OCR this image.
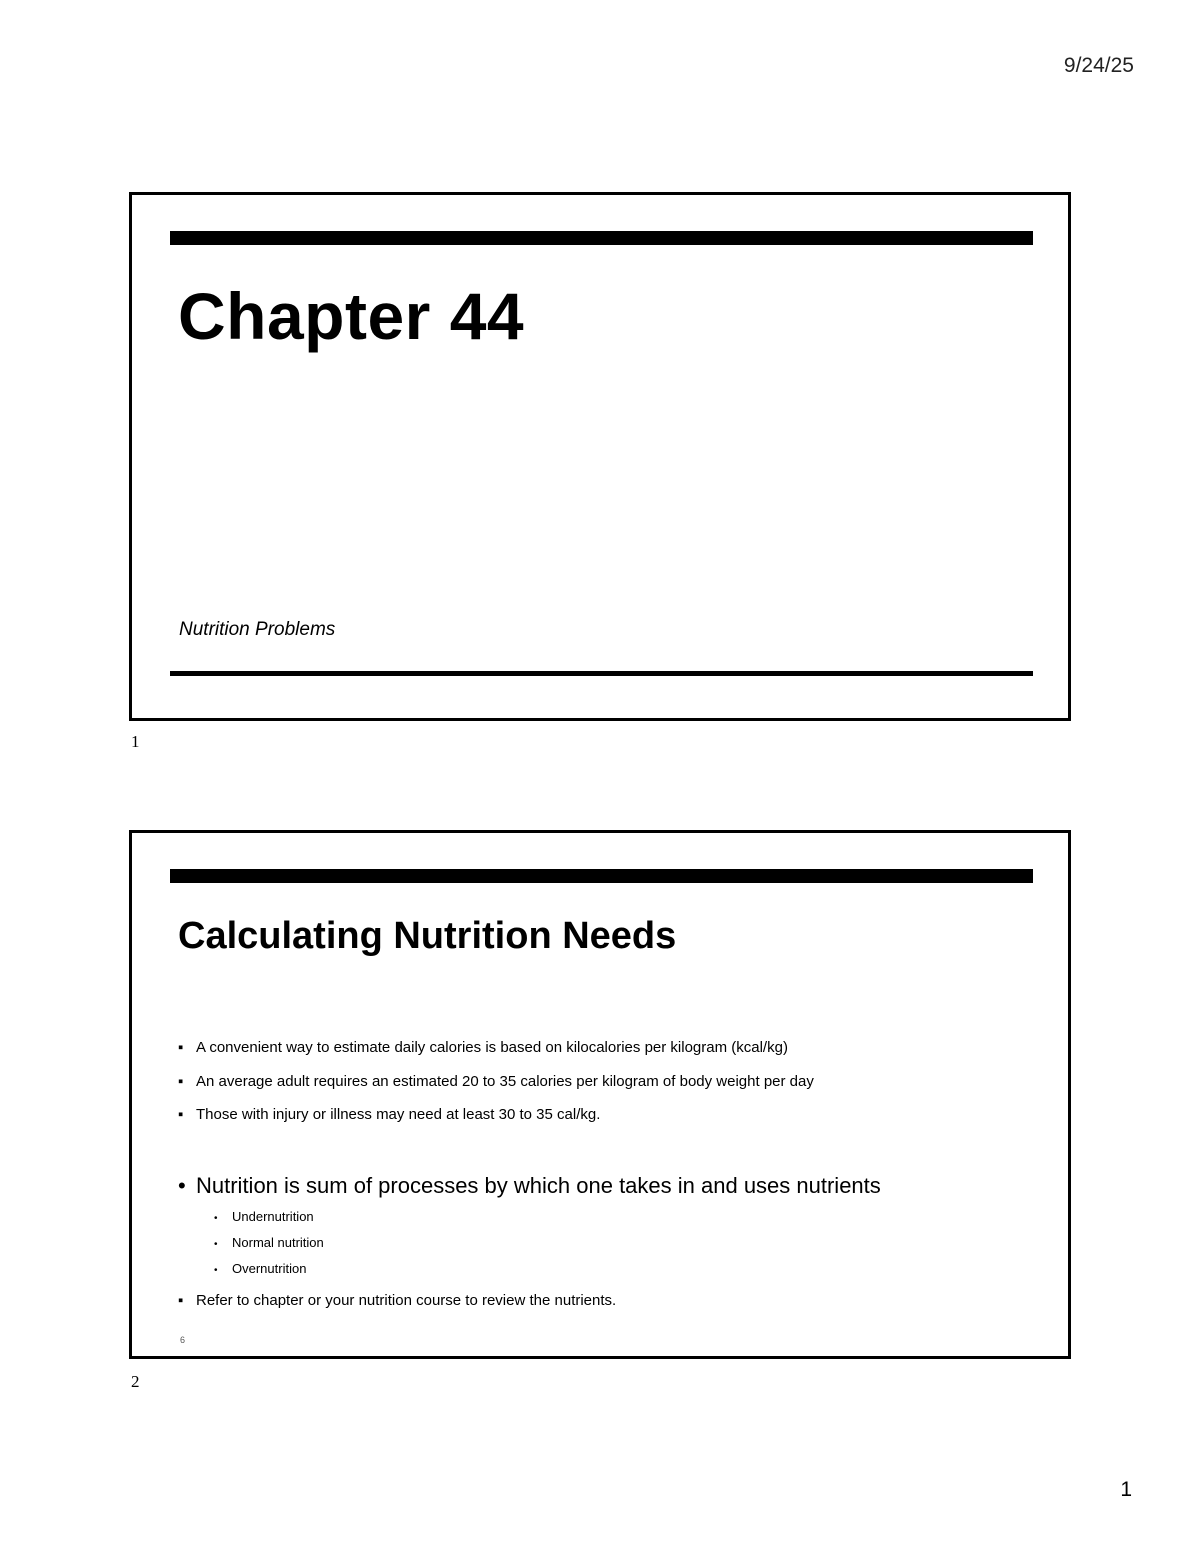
9/24/25
Chapter 44
Nutrition Problems
1
Calculating Nutrition Needs
▪ A convenient way to estimate daily calories is based on kilocalories per kilogram (kcal/kg)
▪ An average adult requires an estimated 20 to 35 calories per kilogram of body weight per day
▪ Those with injury or illness may need at least 30 to 35 cal/kg.
• Nutrition is sum of processes by which one takes in and uses nutrients
• Undernutrition
• Normal nutrition
• Overnutrition
▪ Refer to chapter or your nutrition course to review the nutrients.
6
2
1
